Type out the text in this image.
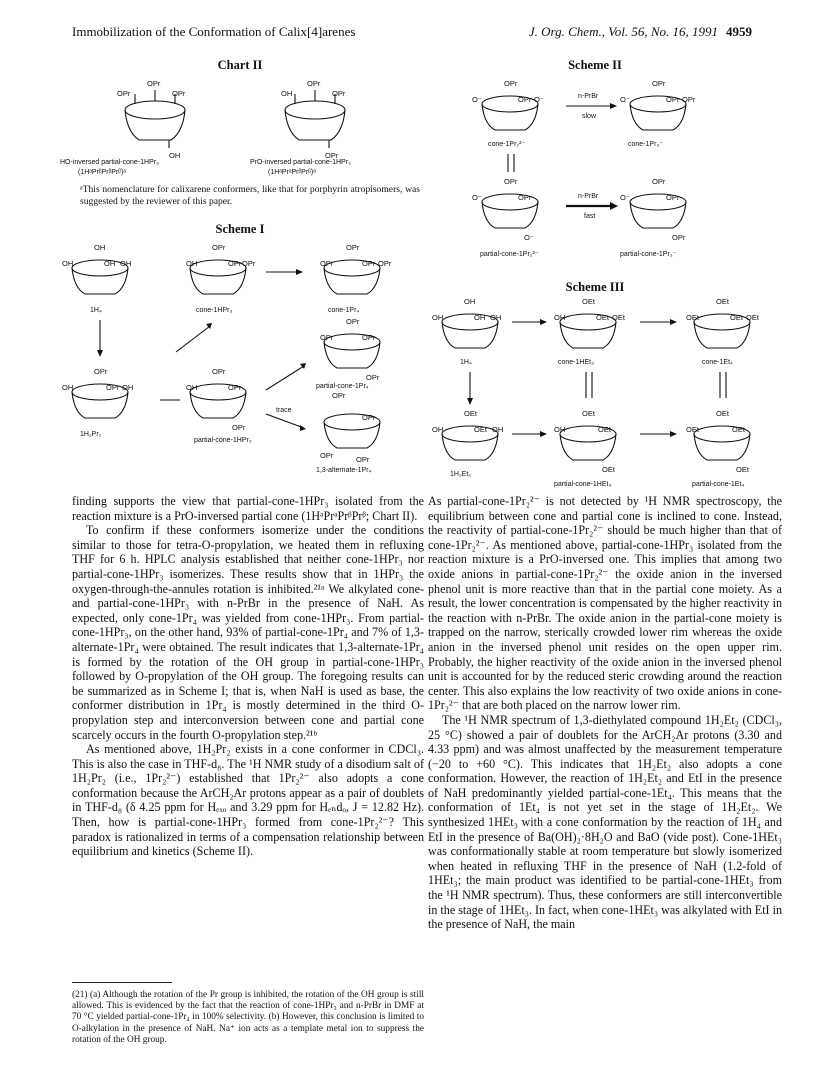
Immobilization of the Conformation of Calix[4]arenes	J. Org. Chem., Vol. 56, No. 16, 1991 4959
Chart II
OPr
OPr
OPr
OH
HO-inversed partial-cone-1HPr₃
(1HᵃPrᵝPrᵝPrᵝ)ᵃ
OH
OPr
OPr
OPr
PrO-inversed partial-cone-1HPr₃
(1HᵃPrᵃPrᵝPrᵝ)ᵃ
ᵃThis nomenclature for calixarene conformers, like that for porphyrin atropisomers, was suggested by the reviewer of this paper.
Scheme I
OH
OH
OH OH
1H₄
OH
OPr
OPr OPr
cone-1HPr₃
OPr
OPr
OPr OPr
cone-1Pr₄
OPr
OPr
OPr
OPr
partial-cone-1Pr₄
OH
OPr
OPr OH
1H₂Pr₂
OH
OPr
OPr
OPr
partial-cone-1HPr₃
trace
OPr
OPr
OPr	OPr
1,3-alternate-1Pr₄
Scheme II
O⁻
OPr
OPr O⁻
cone-1Pr₂²⁻
n-PrBr
slow
O⁻
OPr
OPr OPr
cone-1Pr₃⁻
O⁻
OPr
OPr
O⁻
partial-cone-1Pr₂²⁻
n-PrBr
fast
O⁻
OPr
OPr
OPr
partial-cone-1Pr₃⁻
Scheme III
OH
OH
OH OH
1H₄
OH
OEt
OEt OEt
cone-1HEt₃
OEt
OEt
OEt OEt
cone-1Et₄
OH
OEt
OEt OH
1H₂Et₂
OH
OEt
OEt
OEt
partial-cone-1HEt₃
OEt
OEt
OEt
OEt
partial-cone-1Et₄

finding supports the view that partial-cone-1HPr₃ isolated from the reaction mixture is a PrO-inversed partial cone (1HᵃPrᵃPrᵝPrᵝ; Chart II).

To confirm if these conformers isomerize under the conditions similar to those for tetra-O-propylation, we heated them in refluxing THF for 6 h. HPLC analysis established that neither cone-1HPr₃ nor partial-cone-1HPr₃ isomerizes. These results show that in 1HPr₃ the oxygen-through-the-annules rotation is inhibited.²¹ᵃ We alkylated cone- and partial-cone-1HPr₃ with n-PrBr in the presence of NaH. As expected, only cone-1Pr₄ was yielded from cone-1HPr₃. From partial-cone-1HPr₃, on the other hand, 93% of partial-cone-1Pr₄ and 7% of 1,3-alternate-1Pr₄ were obtained. The result indicates that 1,3-alternate-1Pr₄ is formed by the rotation of the OH group in partial-cone-1HPr₃ followed by O-propylation of the OH group. The foregoing results can be summarized as in Scheme I; that is, when NaH is used as base, the conformer distribution in 1Pr₄ is mostly determined in the third O-propylation step and interconversion between cone and partial cone scarcely occurs in the fourth O-propylation step.²¹ᵇ

As mentioned above, 1H₂Pr₂ exists in a cone conformer in CDCl₃. This is also the case in THF-d₈. The ¹H NMR study of a disodium salt of 1H₂Pr₂ (i.e., 1Pr₂²⁻) established that 1Pr₂²⁻ also adopts a cone conformation because the ArCH₂Ar protons appear as a pair of doublets in THF-d₈ (δ 4.25 ppm for Hₑₓₒ and 3.29 ppm for Hₑₙdₒ, J = 12.82 Hz). Then, how is partial-cone-1HPr₃ formed from cone-1Pr₂²⁻? This paradox is rationalized in terms of a compensation relationship between equilibrium and kinetics (Scheme II).

(21) (a) Although the rotation of the Pr group is inhibited, the rotation of the OH group is still allowed. This is evidenced by the fact that the reaction of cone-1HPr₃ and n-PrBr in DMF at 70 °C yielded partial-cone-1Pr₄ in 100% selectivity. (b) However, this conclusion is limited to O-alkylation in the presence of NaH. Na⁺ ion acts as a template metal ion to suppress the rotation of the OH group.

As partial-cone-1Pr₂²⁻ is not detected by ¹H NMR spectroscopy, the equilibrium between cone and partial cone is inclined to cone. Instead, the reactivity of partial-cone-1Pr₂²⁻ should be much higher than that of cone-1Pr₂²⁻. As mentioned above, partial-cone-1HPr₃ isolated from the reaction mixture is a PrO-inversed one. This implies that among two oxide anions in partial-cone-1Pr₂²⁻ the oxide anion in the inversed phenol unit is more reactive than that in the partial cone moiety. As a result, the lower concentration is compensated by the higher reactivity in the reaction with n-PrBr. The oxide anion in the partial-cone moiety is trapped on the narrow, sterically crowded lower rim whereas the oxide anion in the inversed phenol unit resides on the open upper rim. Probably, the higher reactivity of the oxide anion in the inversed phenol unit is accounted for by the reduced steric crowding around the reaction center. This also explains the low reactivity of two oxide anions in cone-1Pr₂²⁻ that are both placed on the narrow lower rim.

The ¹H NMR spectrum of 1,3-diethylated compound 1H₂Et₂ (CDCl₃, 25 °C) showed a pair of doublets for the ArCH₂Ar protons (3.30 and 4.33 ppm) and was almost unaffected by the measurement temperature (−20 to +60 °C). This indicates that 1H₂Et₂ also adopts a cone conformation. However, the reaction of 1H₂Et₂ and EtI in the presence of NaH predominantly yielded partial-cone-1Et₄. This means that the conformation of 1Et₄ is not yet set in the stage of 1H₂Et₂. We synthesized 1HEt₃ with a cone conformation by the reaction of 1H₄ and EtI in the presence of Ba(OH)₂·8H₂O and BaO (vide post). Cone-1HEt₃ was conformationally stable at room temperature but slowly isomerized when heated in refluxing THF in the presence of NaH (1.2-fold of 1HEt₃; the main product was identified to be partial-cone-1HEt₃ from the ¹H NMR spectrum). Thus, these conformers are still interconvertible in the stage of 1HEt₃. In fact, when cone-1HEt₃ was alkylated with EtI in the presence of NaH, the main
